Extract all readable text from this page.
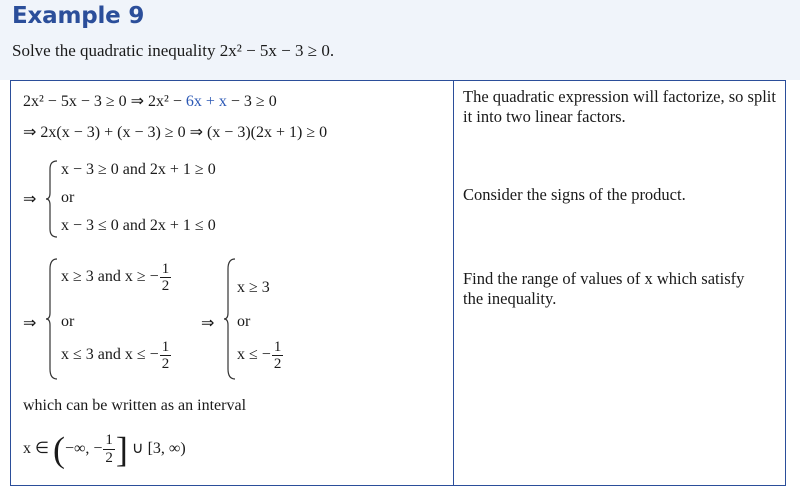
Example 9
Solve the quadratic inequality 2x² − 5x − 3 ≥ 0.
2x² − 5x − 3 ≥ 0 ⇒ 2x² − 6x + x − 3 ≥ 0
⇒ 2x(x − 3) + (x − 3) ≥ 0 ⇒ (x − 3)(2x + 1) ≥ 0
⇒
x − 3 ≥ 0 and 2x + 1 ≥ 0
or
x − 3 ≤ 0 and 2x + 1 ≤ 0
⇒
x ≥ 3 and x ≥ − $\frac{1}{2}$
or
x ≤ 3 and x ≤ − $\frac{1}{2}$
⇒
x ≥ 3
or
x ≤ − $\frac{1}{2}$
which can be written as an interval
x ∈ (−∞, − $\frac{1}{2}$ ] ∪ [3, ∞)
The quadratic expression will factorize, so split it into two linear factors.
Consider the signs of the product.
Find the range of values of x which satisfy the inequality.
